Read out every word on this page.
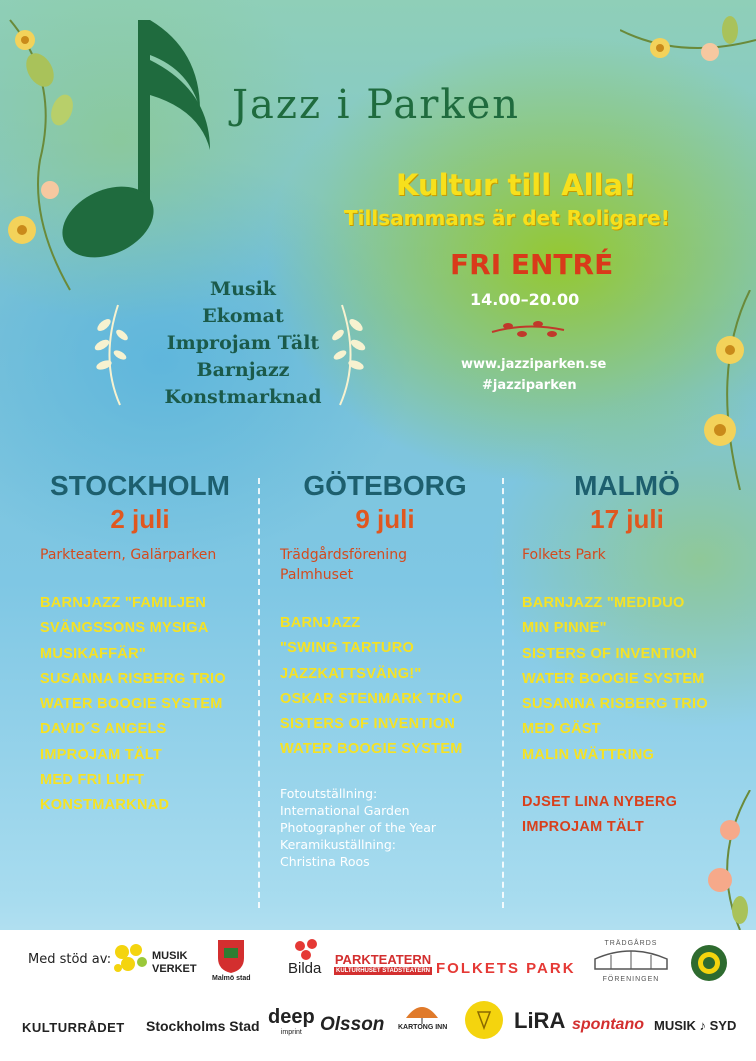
Jazz i Parken
Kultur till Alla!
Tillsammans är det Roligare!
FRI ENTRÉ
14.00–20.00
www.jazziparken.se
#jazziparken
Musik
Ekomat
Improjam Tält
Barnjazz
Konstmarknad
STOCKHOLM
2 juli
Parkteatern, Galärparken
BARNJAZZ "FAMILJEN
SVÄNGSSONS MYSIGA
MUSIKAFFÄR"
SUSANNA RISBERG TRIO
WATER BOOGIE SYSTEM
DAVID´S ANGELS
IMPROJAM TÄLT
MED FRI LUFT
KONSTMARKNAD
GÖTEBORG
9 juli
Trädgårdsförening
Palmhuset
BARNJAZZ
"SWING TARTURO
JAZZKATTSVÄNG!"
OSKAR STENMARK TRIO
SISTERS OF INVENTION
WATER BOOGIE SYSTEM
Fotoutställning:
International Garden
Photographer of the Year
Keramikuställning:
Christina Roos
MALMÖ
17 juli
Folkets Park
BARNJAZZ "MEDIDUO
MIN PINNE"
SISTERS OF INVENTION
WATER BOOGIE SYSTEM
SUSANNA RISBERG TRIO
MED GÄST
MALIN WÄTTRING
DJSET LINA NYBERG
IMPROJAM TÄLT
Med stöd av:	MUSIK
VERKET
Malmö stad
Bilda
PARKTEATERN
KULTURHUSET STADSTEATERN FOLKETS PARK
TRÄDGÅRDS
FÖRENINGEN
KULTURRÅDET Stockholms Stad deep
imprint Olsson KARTONG INN	LiRA spontano MUSIK ♪ SYD
